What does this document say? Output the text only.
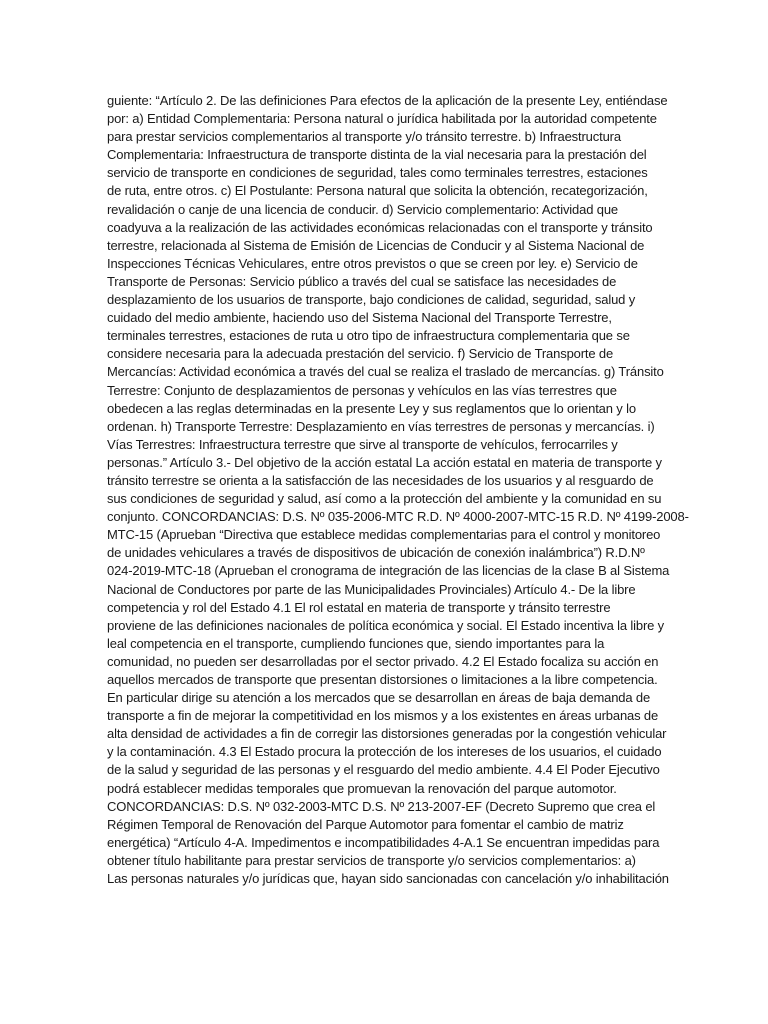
guiente: “Artículo 2. De las definiciones Para efectos de la aplicación de la presente Ley, entiéndase
por: a) Entidad Complementaria: Persona natural o jurídica habilitada por la autoridad competente
para prestar servicios complementarios al transporte y/o tránsito terrestre. b) Infraestructura
Complementaria: Infraestructura de transporte distinta de la vial necesaria para la prestación del
servicio de transporte en condiciones de seguridad, tales como terminales terrestres, estaciones
de ruta, entre otros. c) El Postulante: Persona natural que solicita la obtención, recategorización,
revalidación o canje de una licencia de conducir. d) Servicio complementario: Actividad que
coadyuva a la realización de las actividades económicas relacionadas con el transporte y tránsito
terrestre, relacionada al Sistema de Emisión de Licencias de Conducir y al Sistema Nacional de
Inspecciones Técnicas Vehiculares, entre otros previstos o que se creen por ley. e) Servicio de
Transporte de Personas: Servicio público a través del cual se satisface las necesidades de
desplazamiento de los usuarios de transporte, bajo condiciones de calidad, seguridad, salud y
cuidado del medio ambiente, haciendo uso del Sistema Nacional del Transporte Terrestre,
terminales terrestres, estaciones de ruta u otro tipo de infraestructura complementaria que se
considere necesaria para la adecuada prestación del servicio. f) Servicio de Transporte de
Mercancías: Actividad económica a través del cual se realiza el traslado de mercancías. g) Tránsito
Terrestre: Conjunto de desplazamientos de personas y vehículos en las vías terrestres que
obedecen a las reglas determinadas en la presente Ley y sus reglamentos que lo orientan y lo
ordenan. h) Transporte Terrestre: Desplazamiento en vías terrestres de personas y mercancías. i)
Vías Terrestres: Infraestructura terrestre que sirve al transporte de vehículos, ferrocarriles y
personas.” Artículo 3.- Del objetivo de la acción estatal La acción estatal en materia de transporte y
tránsito terrestre se orienta a la satisfacción de las necesidades de los usuarios y al resguardo de
sus condiciones de seguridad y salud, así como a la protección del ambiente y la comunidad en su
conjunto. CONCORDANCIAS: D.S. Nº 035-2006-MTC R.D. Nº 4000-2007-MTC-15 R.D. Nº 4199-2008-
MTC-15 (Aprueban “Directiva que establece medidas complementarias para el control y monitoreo
de unidades vehiculares a través de dispositivos de ubicación de conexión inalámbrica”) R.D.Nº
024-2019-MTC-18 (Aprueban el cronograma de integración de las licencias de la clase B al Sistema
Nacional de Conductores por parte de las Municipalidades Provinciales) Artículo 4.- De la libre
competencia y rol del Estado 4.1 El rol estatal en materia de transporte y tránsito terrestre
proviene de las definiciones nacionales de política económica y social. El Estado incentiva la libre y
leal competencia en el transporte, cumpliendo funciones que, siendo importantes para la
comunidad, no pueden ser desarrolladas por el sector privado. 4.2 El Estado focaliza su acción en
aquellos mercados de transporte que presentan distorsiones o limitaciones a la libre competencia.
En particular dirige su atención a los mercados que se desarrollan en áreas de baja demanda de
transporte a fin de mejorar la competitividad en los mismos y a los existentes en áreas urbanas de
alta densidad de actividades a fin de corregir las distorsiones generadas por la congestión vehicular
y la contaminación. 4.3 El Estado procura la protección de los intereses de los usuarios, el cuidado
de la salud y seguridad de las personas y el resguardo del medio ambiente. 4.4 El Poder Ejecutivo
podrá establecer medidas temporales que promuevan la renovación del parque automotor.
CONCORDANCIAS: D.S. Nº 032-2003-MTC D.S. Nº 213-2007-EF (Decreto Supremo que crea el
Régimen Temporal de Renovación del Parque Automotor para fomentar el cambio de matriz
energética) “Artículo 4-A. Impedimentos e incompatibilidades 4-A.1 Se encuentran impedidas para
obtener título habilitante para prestar servicios de transporte y/o servicios complementarios: a)
Las personas naturales y/o jurídicas que, hayan sido sancionadas con cancelación y/o inhabilitación
